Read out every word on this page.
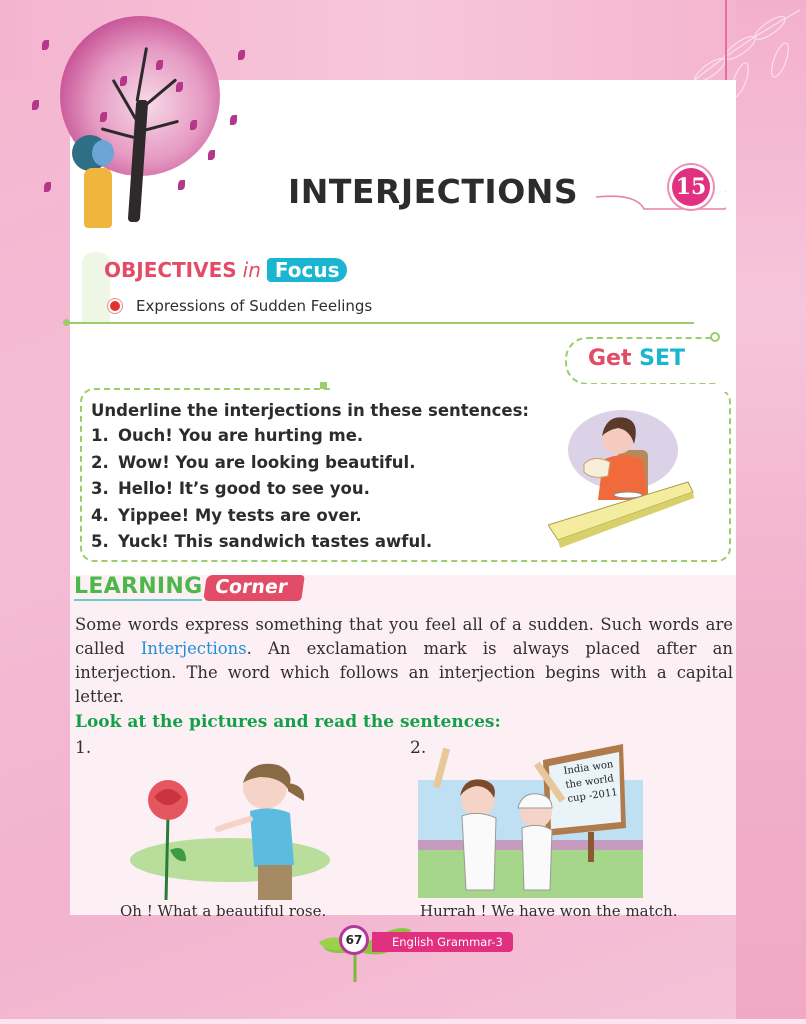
INTERJECTIONS	15
OBJECTIVES in Focus
Expressions of Sudden Feelings
Get SET
Underline the interjections in these sentences:
1. Ouch! You are hurting me.
2. Wow! You are looking beautiful.
3. Hello! It’s good to see you.
4. Yippee! My tests are over.
5. Yuck! This sandwich tastes awful.
LEARNING Corner

Some words express something that you feel all of a sudden. Such words are called Interjections. An exclamation mark is always placed after an interjection. The word which follows an interjection begins with a capital letter.

Look at the pictures and read the sentences:
1.	2.
India won
the world
cup -2011
Oh ! What a beautiful rose.	Hurrah ! We have won the match.
67	English Grammar-3
